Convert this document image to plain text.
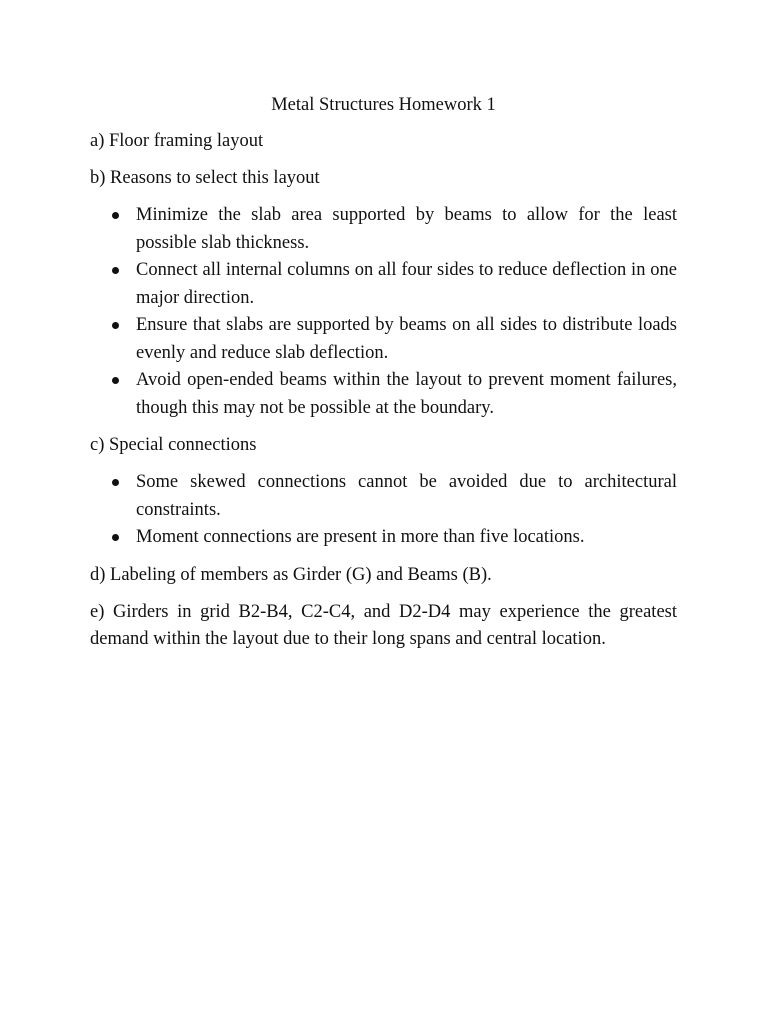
Metal Structures Homework 1

a) Floor framing layout

b) Reasons to select this layout

Minimize the slab area supported by beams to allow for the least possible slab thickness.
Connect all internal columns on all four sides to reduce deflection in one major direction.
Ensure that slabs are supported by beams on all sides to distribute loads evenly and reduce slab deflection.
Avoid open-ended beams within the layout to prevent moment failures, though this may not be possible at the boundary.

c) Special connections

Some skewed connections cannot be avoided due to architectural constraints.
Moment connections are present in more than five locations.

d) Labeling of members as Girder (G) and Beams (B).

e) Girders in grid B2-B4, C2-C4, and D2-D4 may experience the greatest demand within the layout due to their long spans and central location.
